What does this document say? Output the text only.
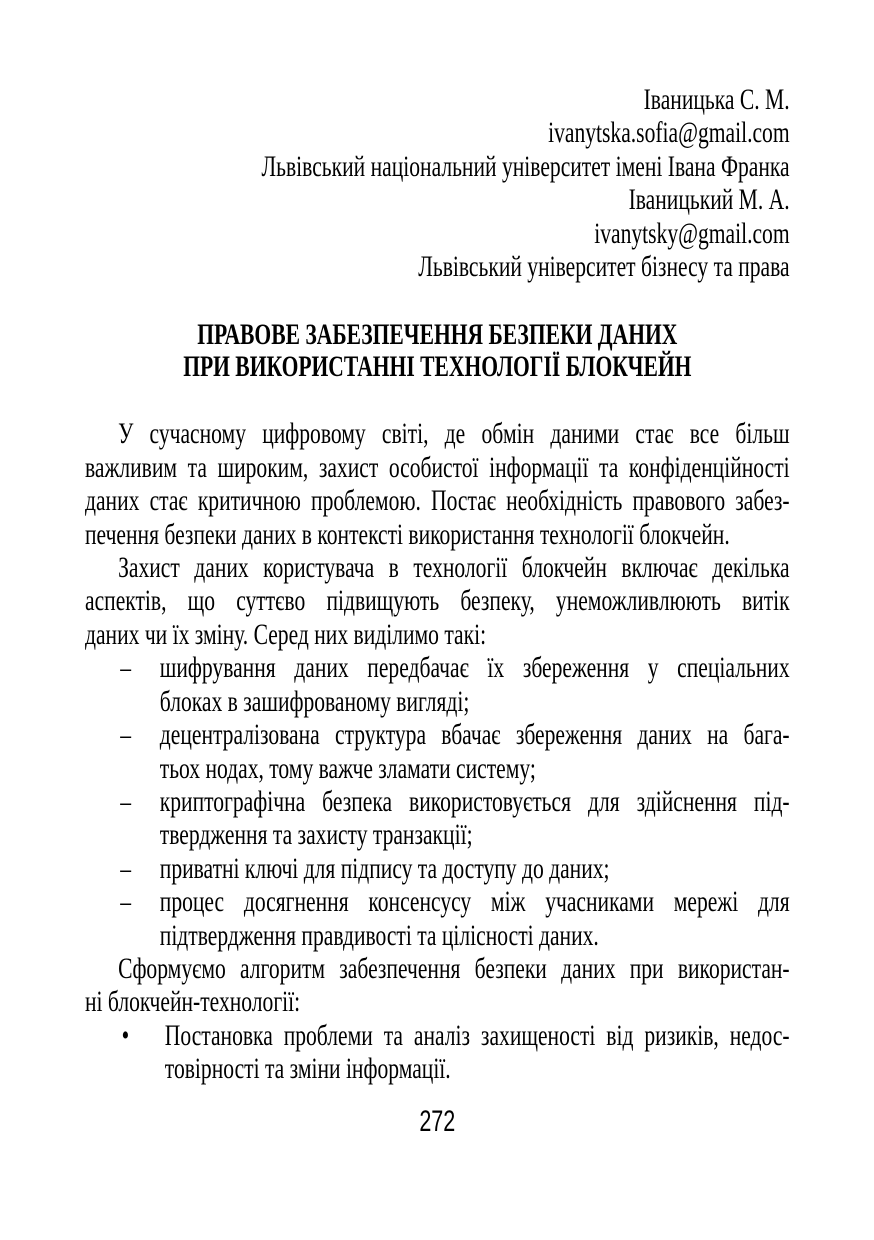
Іваницька С. М.
ivanytska.sofia@gmail.com
Львівський національний університет імені Івана Франка
Іваницький М. А.
ivanytsky@gmail.com
Львівський університет бізнесу та права
ПРАВОВЕ ЗАБЕЗПЕЧЕННЯ БЕЗПЕКИ ДАНИХ
ПРИ ВИКОРИСТАННІ ТЕХНОЛОГІЇ БЛОКЧЕЙН
У сучасному цифровому світі, де обмін даними стає все більш
важливим та широким, захист особистої інформації та конфіденційності
даних стає критичною проблемою. Постає необхідність правового забез-
печення безпеки даних в контексті використання технології блокчейн.
Захист даних користувача в технології блокчейн включає декілька
аспектів, що суттєво підвищують безпеку, унеможливлюють витік
даних чи їх зміну. Серед них виділимо такі:
– шифрування даних передбачає їх збереження у спеціальних
блоках в зашифрованому вигляді;
– децентралізована структура вбачає збереження даних на бага-
тьох нодах, тому важче зламати систему;
– криптографічна безпека використовується для здійснення під-
твердження та захисту транзакції;
– приватні ключі для підпису та доступу до даних;
– процес досягнення консенсусу між учасниками мережі для
підтвердження правдивості та цілісності даних.
Сформуємо алгоритм забезпечення безпеки даних при використан-
ні блокчейн-технології:
• Постановка проблеми та аналіз захищеності від ризиків, недос-
товірності та зміни інформації.
272
